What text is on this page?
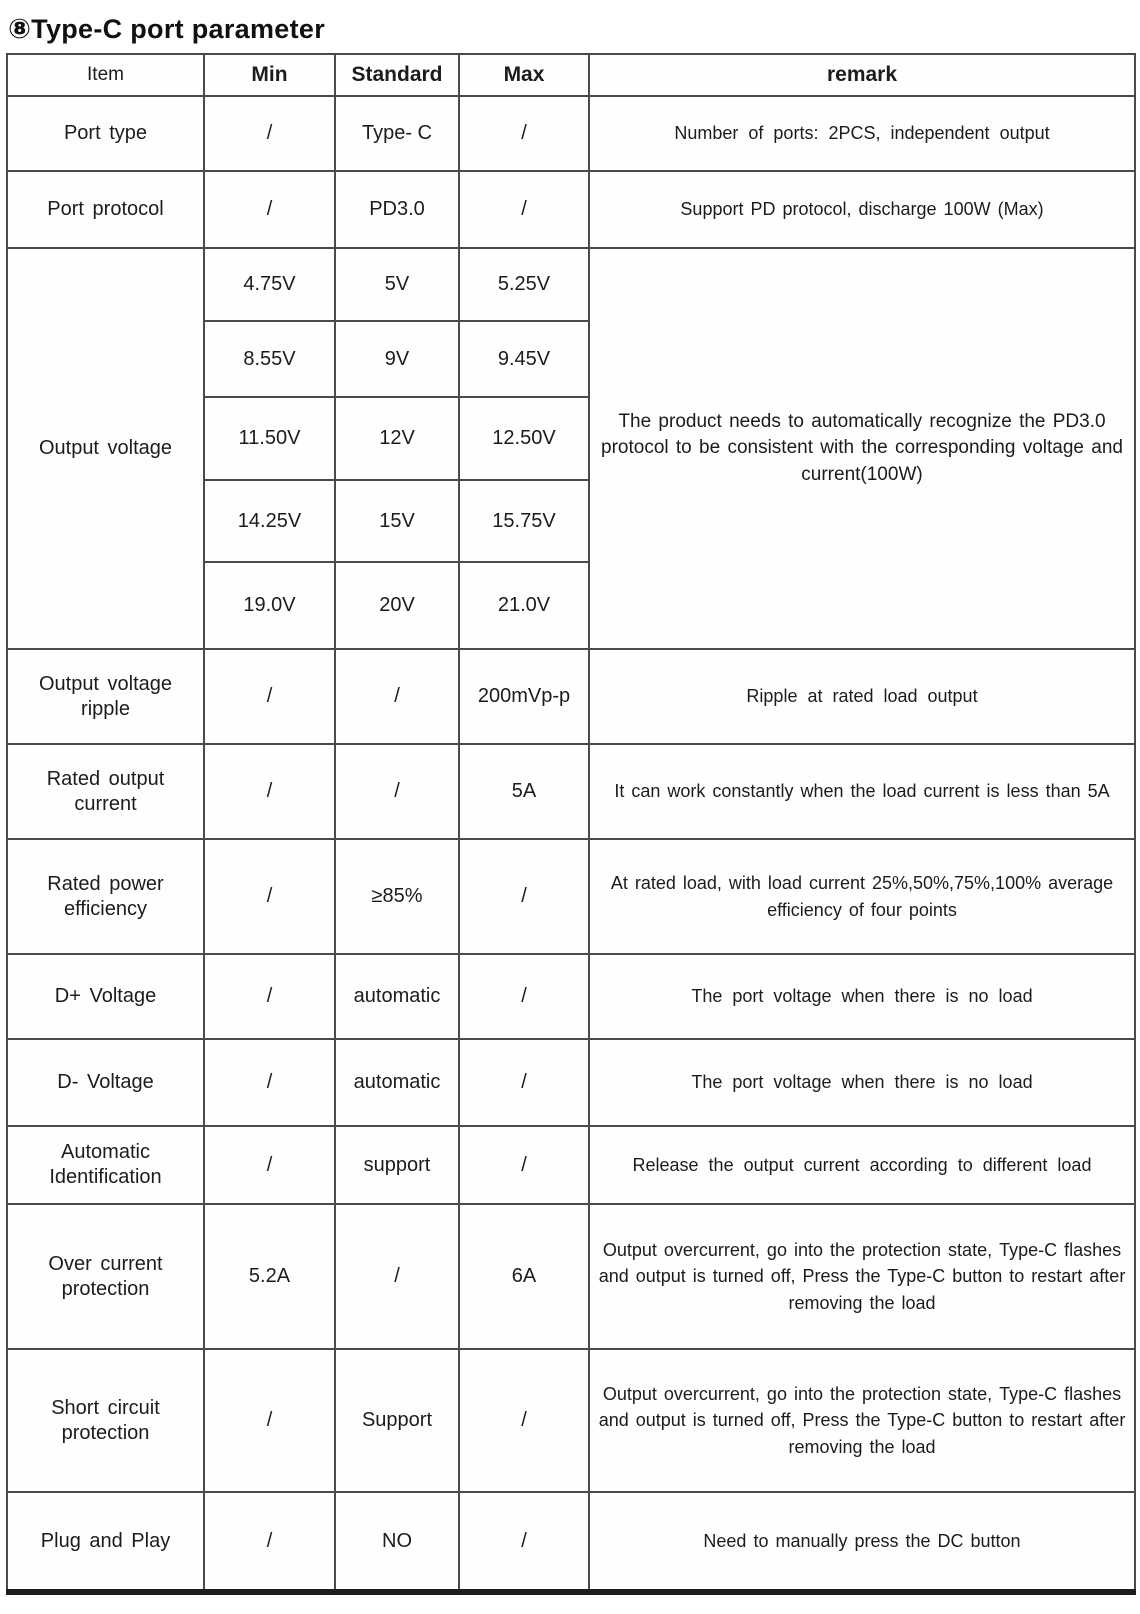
⑧Type-C port parameter
Item	Min	Standard	Max	remark
Port type	/	Type- C	/	Number of ports: 2PCS, independent output
Port protocol	/	PD3.0	/	Support PD protocol, discharge 100W (Max)
Output voltage	4.75V	5V	5.25V	The product needs to automatically recognize the PD3.0 protocol to be consistent with the corresponding voltage and current(100W)
	8.55V	9V	9.45V	
	11.50V	12V	12.50V	
	14.25V	15V	15.75V	
	19.0V	20V	21.0V	
Output voltage ripple	/	/	200mVp-p	Ripple at rated load output
Rated output current	/	/	5A	It can work constantly when the load current is less than 5A
Rated power efficiency	/	≥85%	/	At rated load, with load current 25%,50%,75%,100% average efficiency of four points
D+ Voltage	/	automatic	/	The port voltage when there is no load
D- Voltage	/	automatic	/	The port voltage when there is no load
Automatic Identification	/	support	/	Release the output current according to different load
Over current protection	5.2A	/	6A	Output overcurrent, go into the protection state, Type-C flashes and output is turned off, Press the Type-C button to restart after removing the load
Short circuit protection	/	Support	/	Output overcurrent, go into the protection state, Type-C flashes and output is turned off, Press the Type-C button to restart after removing the load
Plug and Play	/	NO	/	Need to manually press the DC button
